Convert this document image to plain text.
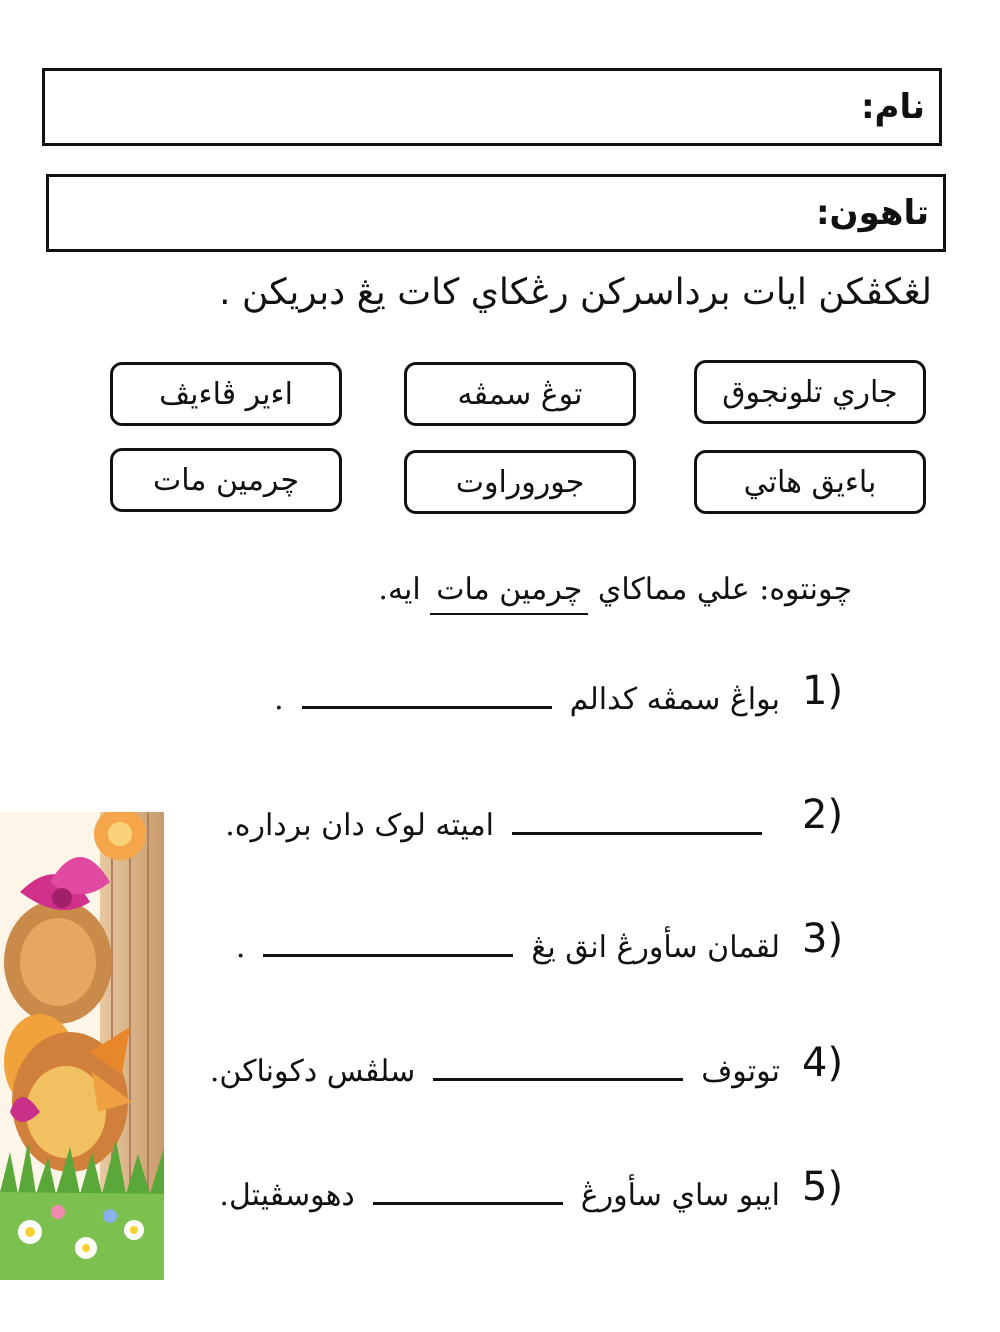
نام:
تاهون:
لڠكڤكن ايات برداسركن رڠكاي كات يڠ دبريكن .
جاري تلونجوق
توڠ سمڤه
اءير ڤاءيڤ
باءيق هاتي
جوروراوت
چرمين مات
چونتوه: علي مماكاي چرمين مات ايه.
1)
بواڠ سمڤه كدالم
.
2)
اميته لوک دان برداره.
3)
لقمان سأورڠ انق يڠ
.
4)
توتوف
سلڤس دكوناكن.
5)
ايبو ساي سأورڠ
دهوسڤيتل.
